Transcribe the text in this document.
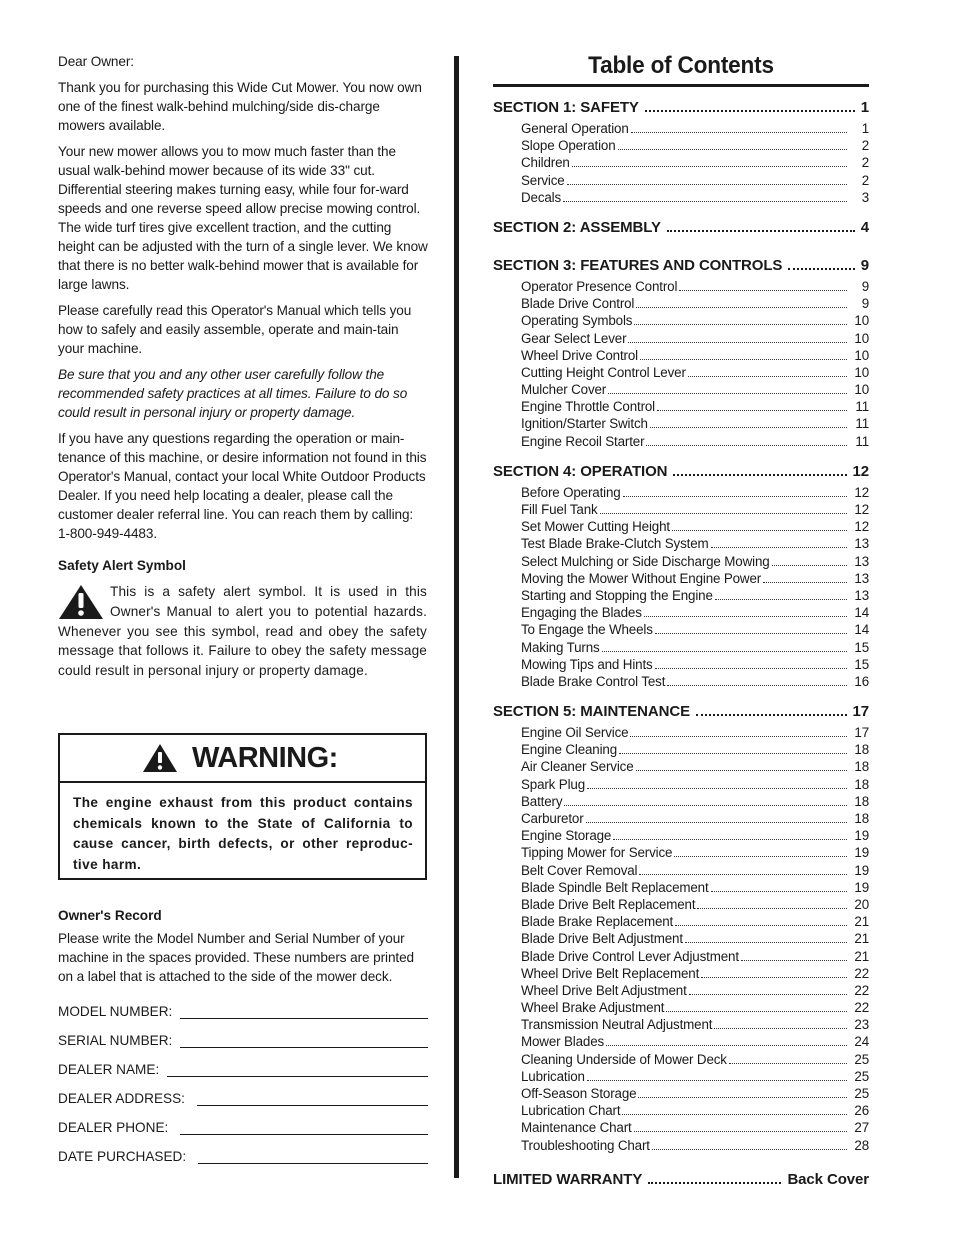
Dear Owner:

Thank you for purchasing this Wide Cut Mower. You now own one of the finest walk-behind mulching/side dis-charge mowers available.

Your new mower allows you to mow much faster than the usual walk-behind mower because of its wide 33" cut. Differential steering makes turning easy, while four for-ward speeds and one reverse speed allow precise mowing control. The wide turf tires give excellent traction, and the cutting height can be adjusted with the turn of a single lever. We know that there is no better walk-behind mower that is available for large lawns.

Please carefully read this Operator's Manual which tells you how to safely and easily assemble, operate and main-tain your machine.

Be sure that you and any other user carefully follow the recommended safety practices at all times. Failure to do so could result in personal injury or property damage.

If you have any questions regarding the operation or main-tenance of this machine, or desire information not found in this Operator's Manual, contact your local White Outdoor Products Dealer. If you need help locating a dealer, please call the customer dealer referral line. You can reach them by calling: 1-800-949-4483.

Safety Alert Symbol

This is a safety alert symbol. It is used in this Owner's Manual to alert you to potential hazards. Whenever you see this symbol, read and obey the safety message that follows it. Failure to obey the safety message could result in personal injury or property damage.
WARNING:
The engine exhaust from this product contains chemicals known to the State of California to cause cancer, birth defects, or other reproduc-tive harm.

Owner's Record

Please write the Model Number and Serial Number of your machine in the spaces provided. These numbers are printed on a label that is attached to the side of the mower deck.

MODEL NUMBER:
SERIAL NUMBER:
DEALER NAME:
DEALER ADDRESS:
DEALER PHONE:
DATE PURCHASED:
Table of Contents
SECTION 1: SAFETY	1
General Operation	1
Slope Operation	2
Children	2
Service	2
Decals	3
SECTION 2: ASSEMBLY	4
SECTION 3: FEATURES AND CONTROLS	9
Operator Presence Control	9
Blade Drive Control	9
Operating Symbols	10
Gear Select Lever	10
Wheel Drive Control	10
Cutting Height Control Lever	10
Mulcher Cover	10
Engine Throttle Control	11
Ignition/Starter Switch	11
Engine Recoil Starter	11
SECTION 4: OPERATION	12
Before Operating	12
Fill Fuel Tank	12
Set Mower Cutting Height	12
Test Blade Brake-Clutch System	13
Select Mulching or Side Discharge Mowing	13
Moving the Mower Without Engine Power	13
Starting and Stopping the Engine	13
Engaging the Blades	14
To Engage the Wheels	14
Making Turns	15
Mowing Tips and Hints	15
Blade Brake Control Test	16
SECTION 5: MAINTENANCE	17
Engine Oil Service	17
Engine Cleaning	18
Air Cleaner Service	18
Spark Plug	18
Battery	18
Carburetor	18
Engine Storage	19
Tipping Mower for Service	19
Belt Cover Removal	19
Blade Spindle Belt Replacement	19
Blade Drive Belt Replacement	20
Blade Brake Replacement	21
Blade Drive Belt Adjustment	21
Blade Drive Control Lever Adjustment	21
Wheel Drive Belt Replacement	22
Wheel Drive Belt Adjustment	22
Wheel Brake Adjustment	22
Transmission Neutral Adjustment	23
Mower Blades	24
Cleaning Underside of Mower Deck	25
Lubrication	25
Off-Season Storage	25
Lubrication Chart	26
Maintenance Chart	27
Troubleshooting Chart	28
LIMITED WARRANTY	Back Cover
